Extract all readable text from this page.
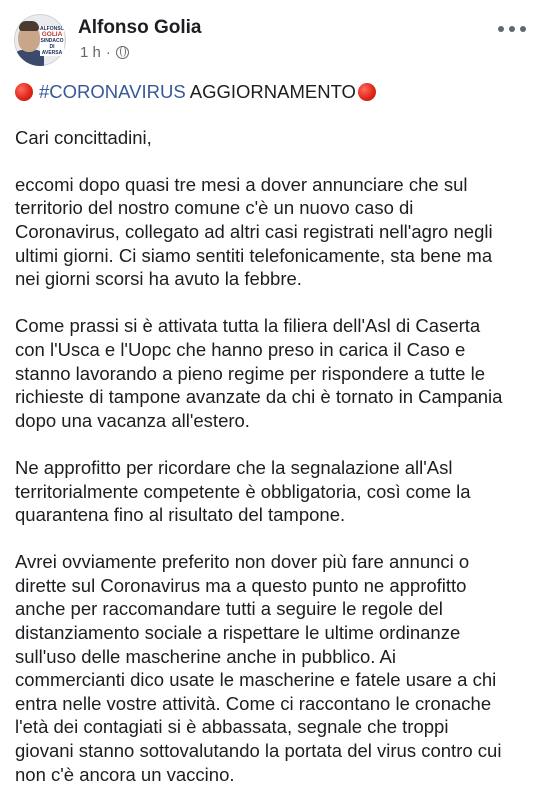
ALFONSO
GOLIA
SINDACO
DI AVERSA
Alfonso Golia
1 h ·
#CORONAVIRUS AGGIORNAMENTO

Cari concittadini,

eccomi dopo quasi tre mesi a dover annunciare che sul
territorio del nostro comune c'è un nuovo caso di
Coronavirus, collegato ad altri casi registrati nell'agro negli
ultimi giorni. Ci siamo sentiti telefonicamente, sta bene ma
nei giorni scorsi ha avuto la febbre.

Come prassi si è attivata tutta la filiera dell'Asl di Caserta
con l'Usca e l'Uopc che hanno preso in carica il Caso e
stanno lavorando a pieno regime per rispondere a tutte le
richieste di tampone avanzate da chi è tornato in Campania
dopo una vacanza all'estero.

Ne approfitto per ricordare che la segnalazione all'Asl
territorialmente competente è obbligatoria, così come la
quarantena fino al risultato del tampone.

Avrei ovviamente preferito non dover più fare annunci o
dirette sul Coronavirus ma a questo punto ne approfitto
anche per raccomandare tutti a seguire le regole del
distanziamento sociale a rispettare le ultime ordinanze
sull'uso delle mascherine anche in pubblico. Ai
commercianti dico usate le mascherine e fatele usare a chi
entra nelle vostre attività. Come ci raccontano le cronache
l'età dei contagiati si è abbassata, segnale che troppi
giovani stanno sottovalutando la portata del virus contro cui
non c'è ancora un vaccino.
